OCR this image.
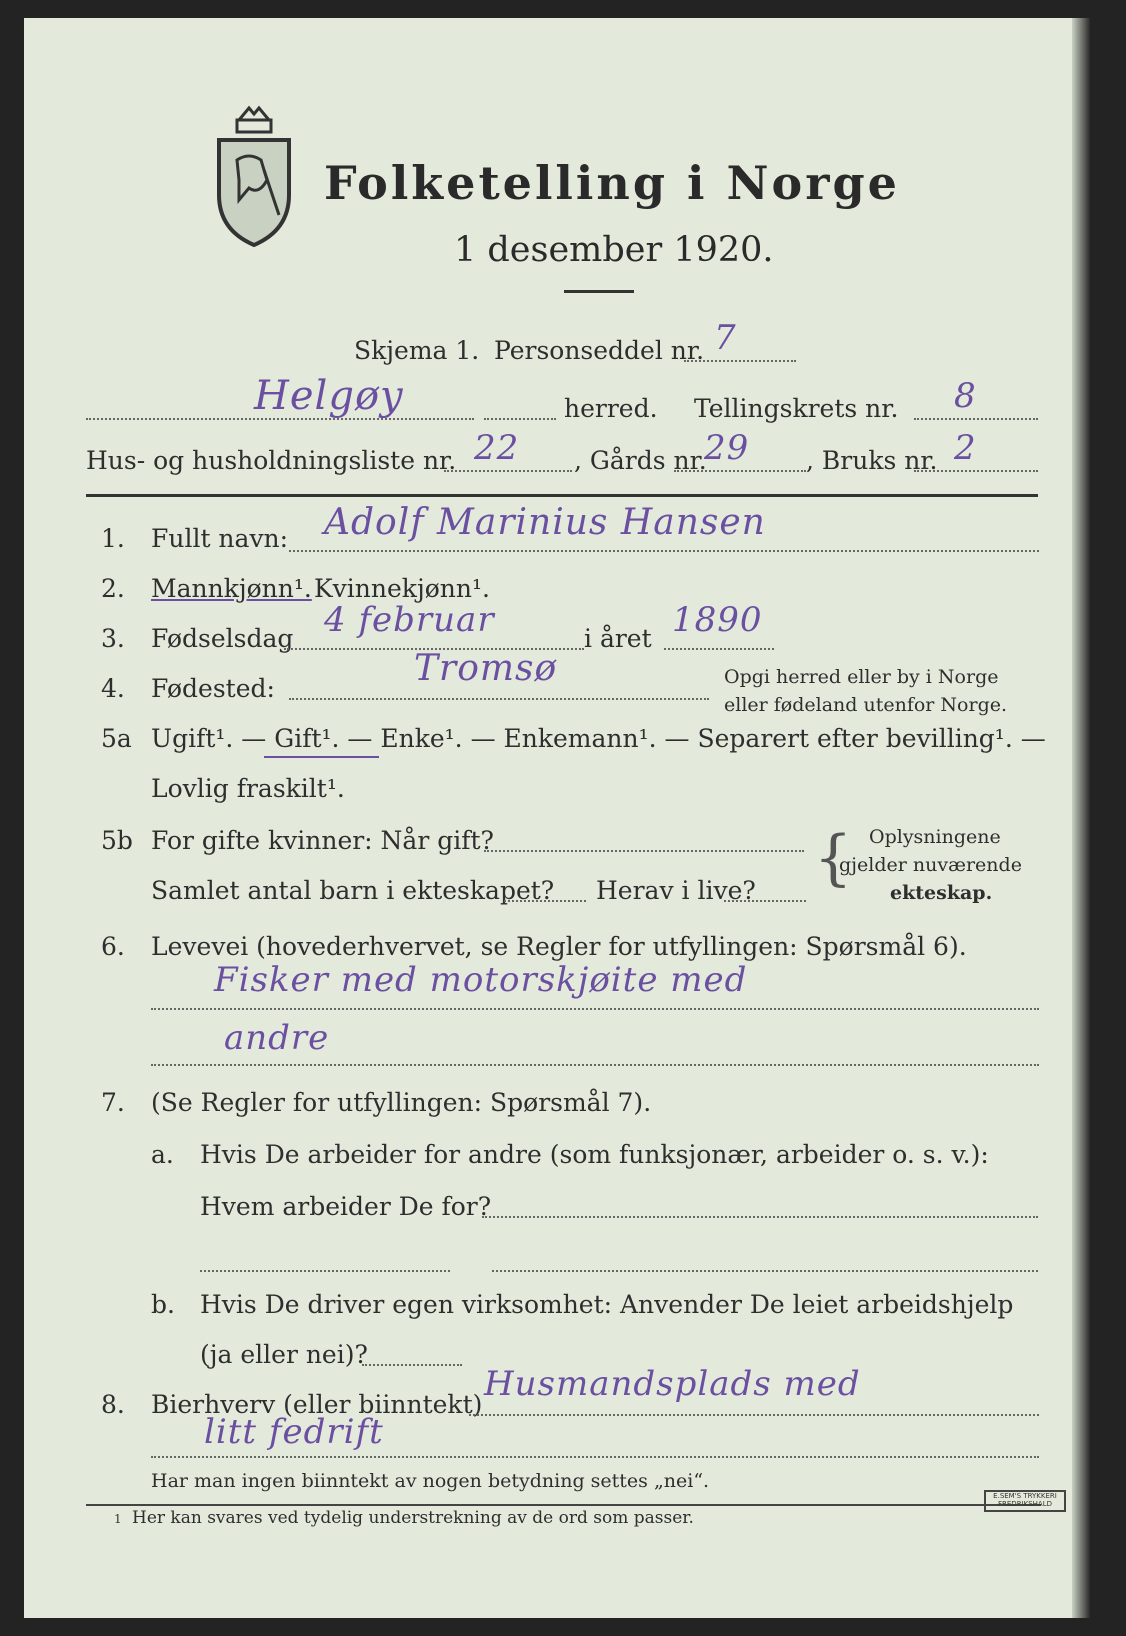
Folketelling i Norge
1 desember 1920.
Skjema 1. Personseddel nr. 7
Helgøy	herred. Tellingskrets nr. 8
Hus- og husholdningsliste nr. 22 , Gårds nr.
29 , Bruks nr. 2
1. Fullt navn: Adolf Marinius Hansen
2. Mannkjønn¹. Kvinnekjønn¹.
3. Fødselsdag 4 februar	i året 1890
4. Fødested:	Tromsø	Opgi herred eller by i Norge
eller fødeland utenfor Norge.
5a Ugift¹. — Gift¹. — Enke¹. — Enkemann¹. — Separert efter bevilling¹. —
Lovlig fraskilt¹.
5b For gifte kvinner: Når gift?
Samlet antal barn i ekteskapet? Herav i live? { Oplysningene
gjelder nuværende
ekteskap.
6. Levevei (hovederhvervet, se Regler for utfyllingen: Spørsmål 6).
Fisker med motorskjøite med
andre
7. (Se Regler for utfyllingen: Spørsmål 7).
a. Hvis De arbeider for andre (som funksjonær, arbeider o. s. v.):
Hvem arbeider De for?
b. Hvis De driver egen virksomhet: Anvender De leiet arbeidshjelp
(ja eller nei)?
8. Bierhverv (eller biinntekt)
Husmandsplads med
litt fedrift
Har man ingen biinntekt av nogen betydning settes „nei“.
1 Her kan svares ved tydelig understrekning av de ord som passer.
E.SEM'S TRYKKERI FREDRIKSHALD
